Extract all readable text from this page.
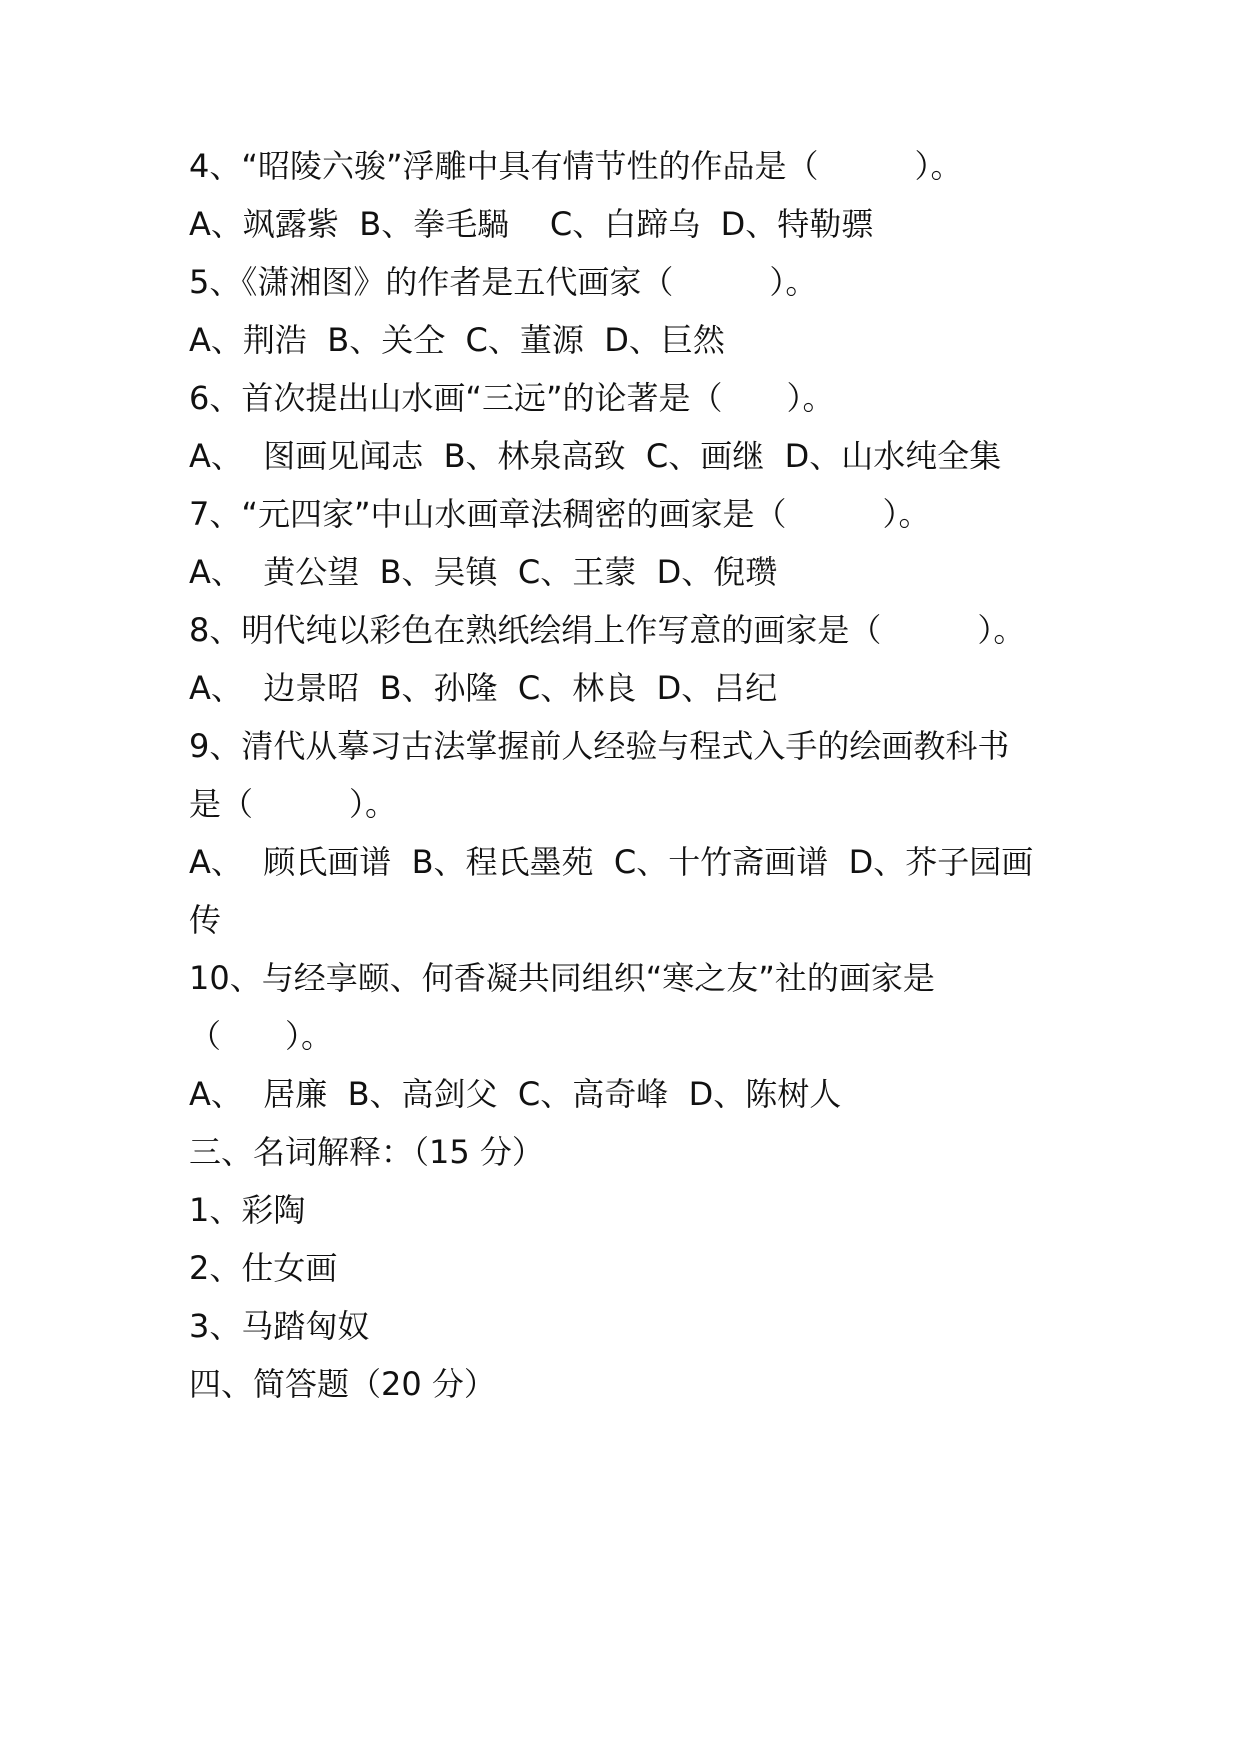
4、“昭陵六骏”浮雕中具有情节性的作品是（　　　）。
A、飒露紫  B、拳毛騧    C、白蹄乌  D、特勒骠
5、《潇湘图》的作者是五代画家（　　　）。
A、荆浩  B、关仝  C、董源  D、巨然
6、首次提出山水画“三远”的论著是（　　）。
A、  图画见闻志  B、林泉高致  C、画继  D、山水纯全集
7、“元四家”中山水画章法稠密的画家是（　　　）。
A、  黄公望  B、吴镇  C、王蒙  D、倪瓒
8、明代纯以彩色在熟纸绘绢上作写意的画家是（　　　）。
A、  边景昭  B、孙隆  C、林良  D、吕纪
9、清代从摹习古法掌握前人经验与程式入手的绘画教科书
是（　　　）。
A、  顾氏画谱  B、程氏墨苑  C、十竹斋画谱  D、芥子园画
传
10、与经享颐、何香凝共同组织“寒之友”社的画家是
（　　）。
A、  居廉  B、高剑父  C、高奇峰  D、陈树人
三、名词解释：（15 分）
1、彩陶
2、仕女画
3、马踏匈奴
四、简答题（20 分）
